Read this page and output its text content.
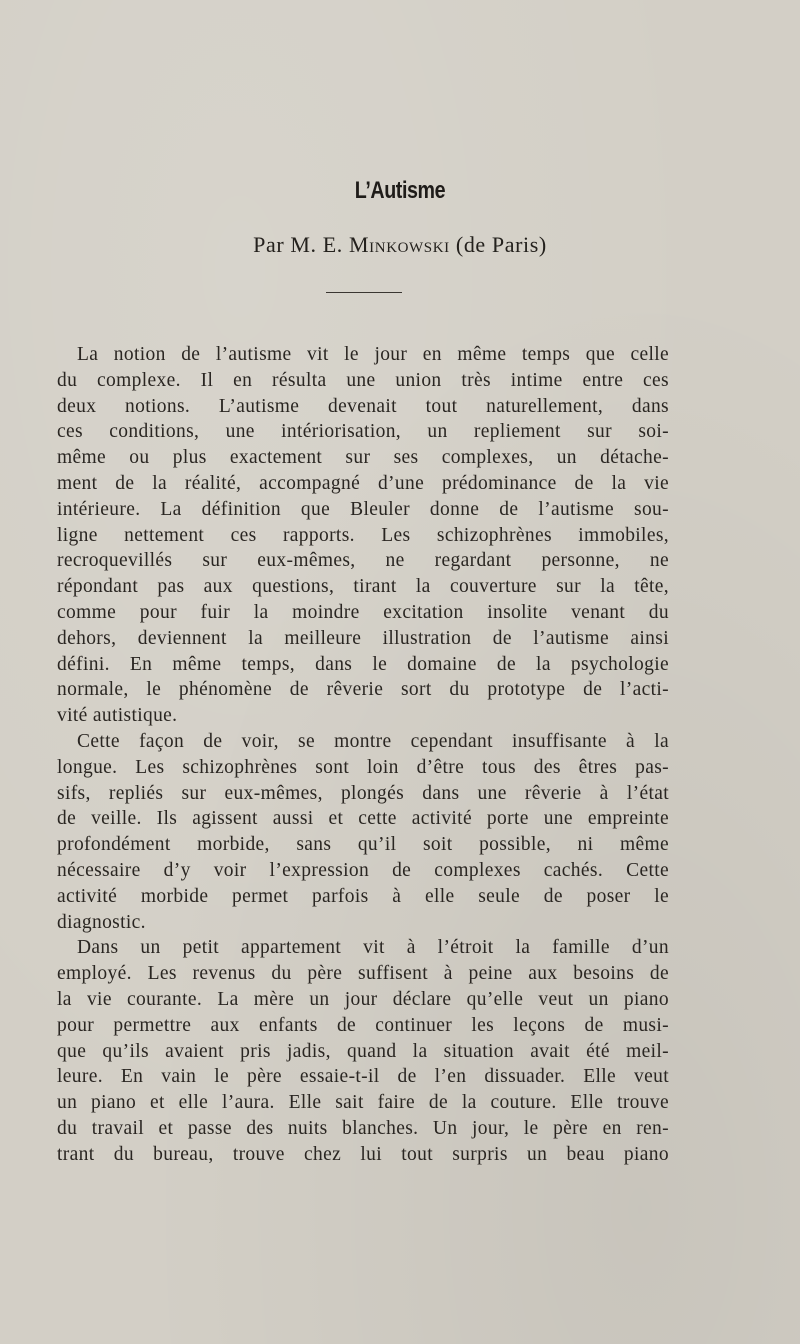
L’Autisme
Par M. E. Minkowski (de Paris)
La notion de l’autisme vit le jour en même temps que celle
du complexe. Il en résulta une union très intime entre ces
deux notions. L’autisme devenait tout naturellement, dans
ces conditions, une intériorisation, un repliement sur soi-
même ou plus exactement sur ses complexes, un détache-
ment de la réalité, accompagné d’une prédominance de la vie
intérieure. La définition que Bleuler donne de l’autisme sou-
ligne nettement ces rapports. Les schizophrènes immobiles,
recroquevillés sur eux-mêmes, ne regardant personne, ne
répondant pas aux questions, tirant la couverture sur la tête,
comme pour fuir la moindre excitation insolite venant du
dehors, deviennent la meilleure illustration de l’autisme ainsi
défini. En même temps, dans le domaine de la psychologie
normale, le phénomène de rêverie sort du prototype de l’acti-
vité autistique.
Cette façon de voir, se montre cependant insuffisante à la
longue. Les schizophrènes sont loin d’être tous des êtres pas-
sifs, repliés sur eux-mêmes, plongés dans une rêverie à l’état
de veille. Ils agissent aussi et cette activité porte une empreinte
profondément morbide, sans qu’il soit possible, ni même
nécessaire d’y voir l’expression de complexes cachés. Cette
activité morbide permet parfois à elle seule de poser le
diagnostic.
Dans un petit appartement vit à l’étroit la famille d’un
employé. Les revenus du père suffisent à peine aux besoins de
la vie courante. La mère un jour déclare qu’elle veut un piano
pour permettre aux enfants de continuer les leçons de musi-
que qu’ils avaient pris jadis, quand la situation avait été meil-
leure. En vain le père essaie-t-il de l’en dissuader. Elle veut
un piano et elle l’aura. Elle sait faire de la couture. Elle trouve
du travail et passe des nuits blanches. Un jour, le père en ren-
trant du bureau, trouve chez lui tout surpris un beau piano
